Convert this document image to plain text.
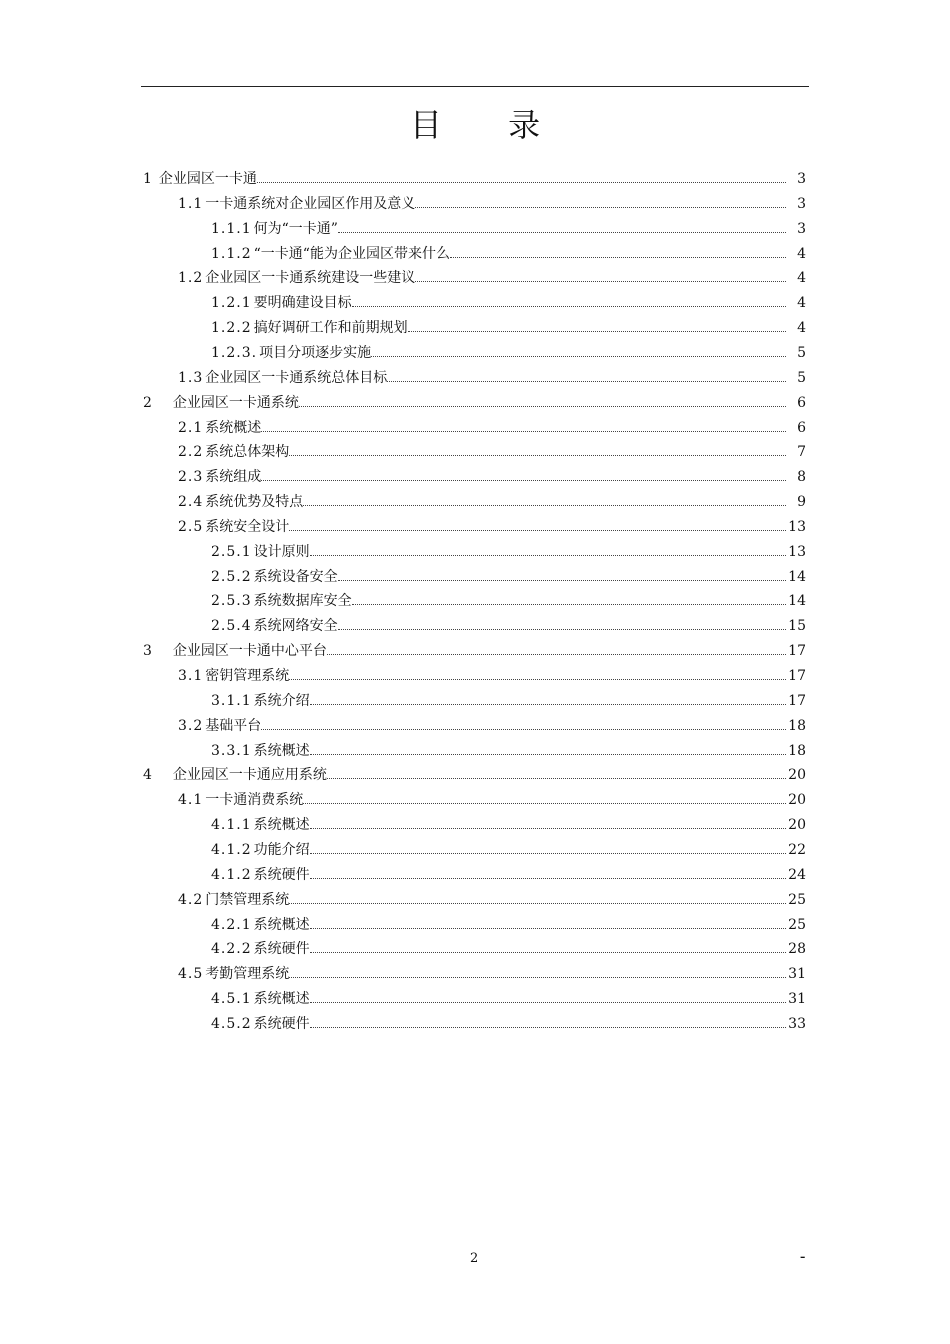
目 录
1 企业园区一卡通	3
1.1 一卡通系统对企业园区作用及意义	3
1.1.1 何为“一卡通”	3
1.1.2 “一卡通“能为企业园区带来什么	4
1.2 企业园区一卡通系统建设一些建议	4
1.2.1 要明确建设目标	4
1.2.2 搞好调研工作和前期规划	4
1.2.3. 项目分项逐步实施	5
1.3 企业园区一卡通系统总体目标	5
2 企业园区一卡通系统	6
2.1 系统概述	6
2.2 系统总体架构	7
2.3 系统组成	8
2.4 系统优势及特点	9
2.5 系统安全设计	13
2.5.1 设计原则	13
2.5.2 系统设备安全	14
2.5.3 系统数据库安全	14
2.5.4 系统网络安全	15
3 企业园区一卡通中心平台	17
3.1 密钥管理系统	17
3.1.1 系统介绍	17
3.2 基础平台	18
3.3.1 系统概述	18
4 企业园区一卡通应用系统	20
4.1 一卡通消费系统	20
4.1.1 系统概述	20
4.1.2 功能介绍	22
4.1.2 系统硬件	24
4.2 门禁管理系统	25
4.2.1 系统概述	25
4.2.2 系统硬件	28
4.5 考勤管理系统	31
4.5.1 系统概述	31
4.5.2 系统硬件	33
2	-
